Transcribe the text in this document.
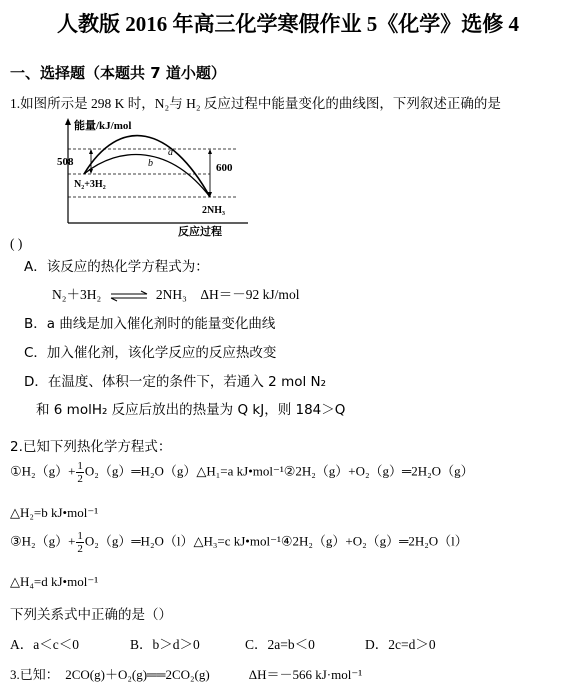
人教版 2016 年高三化学寒假作业 5《化学》选修 4
一、选择题（本题共 7 道小题）
1.如图所示是 298 K 时，N₂与 H₂ 反应过程中能量变化的曲线图，下列叙述正确的是
能量/kJ/mol
508	600
a
b
N₂+3H₂
2NH₃
反应过程
( )
A．该反应的热化学方程式为：
N₂＋3H₂ ⇌ 2NH₃　ΔH＝－92 kJ/mol
B．a 曲线是加入催化剂时的能量变化曲线
C．加入催化剂，该化学反应的反应热改变
D．在温度、体积一定的条件下，若通入 2 mol N₂
和 6 molH₂ 反应后放出的热量为 Q kJ，则 184＞Q
2.已知下列热化学方程式：
①H₂（g）+ $\frac{1}{2}$ O₂（g）═H₂O（g）△H₁=a kJ•mol⁻¹②2H₂（g）+O₂（g）═2H₂O（g）
△H₂=b kJ•mol⁻¹
③H₂（g）+ $\frac{1}{2}$ O₂（g）═H₂O（l）△H₃=c kJ•mol⁻¹④2H₂（g）+O₂（g）═2H₂O（l）
△H₄=d kJ•mol⁻¹
下列关系式中正确的是（）
A．a＜c＜0	B．b＞d＞0	C．2a=b＜0	D．2c=d＞0
3.已知：　2CO(g)＋O₂(g)══2CO₂(g)　　　ΔH＝－566 kJ·mol⁻¹
